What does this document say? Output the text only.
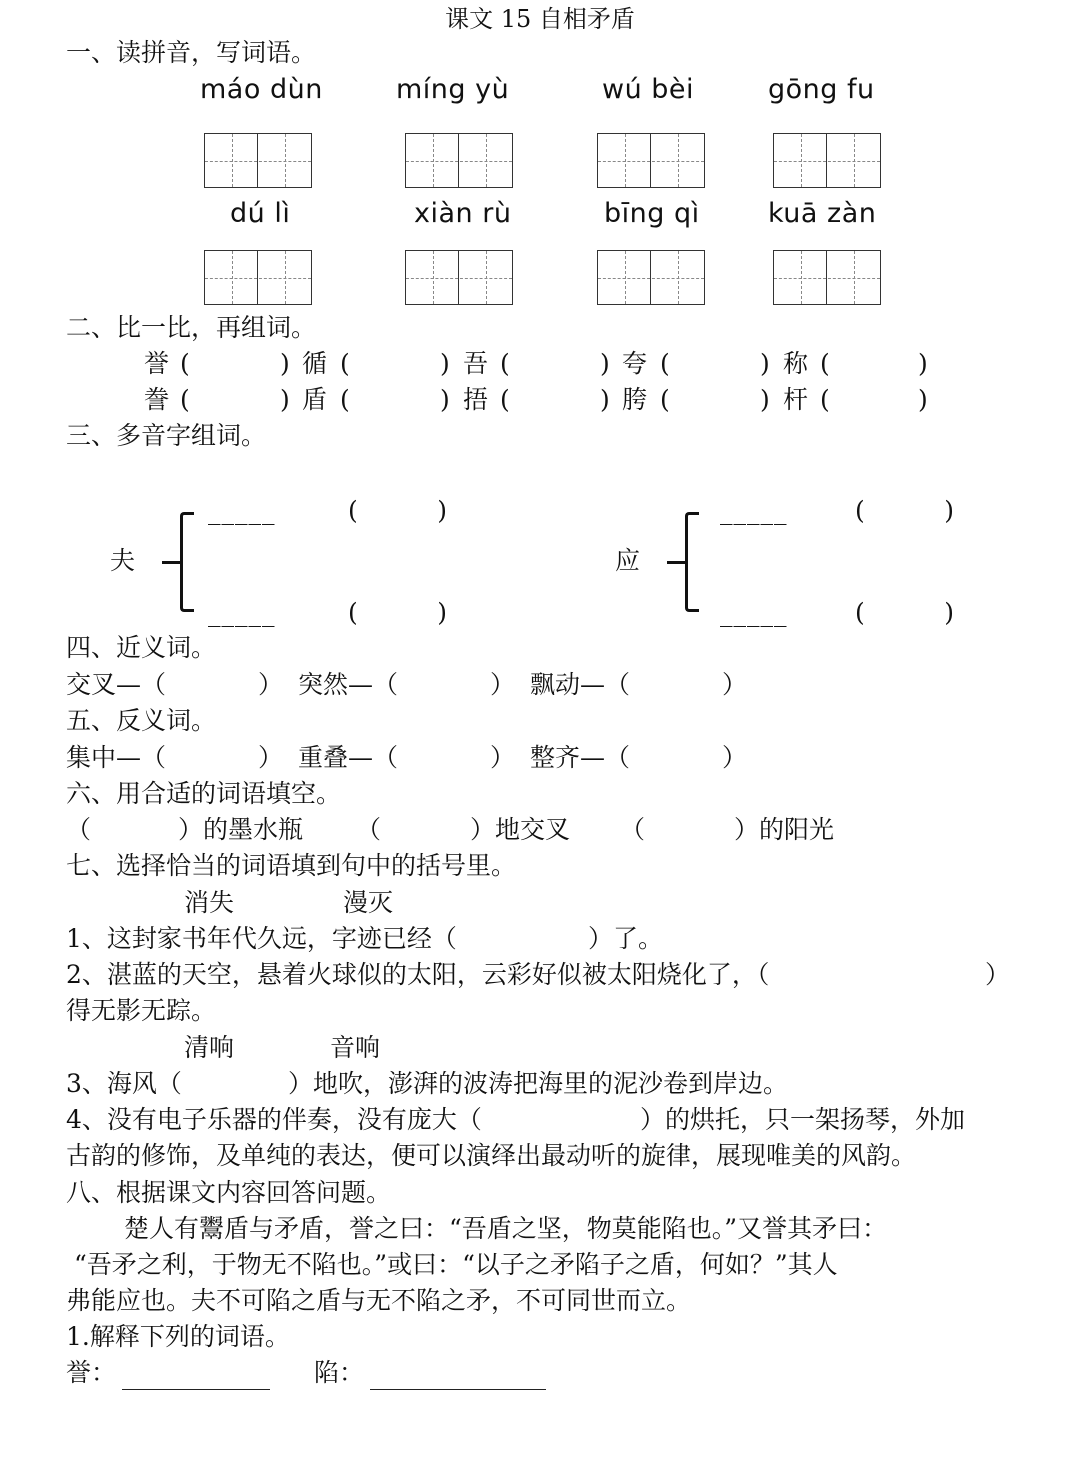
课文 15 自相矛盾
一、读拼音，写词语。
máo dùn	míng yù	wú bèi	gōng fu
dú lì	xiàn rù	bīng qì	kuā zàn
二、比一比，再组词。
誉 (	) 循 (	) 吾 (	) 夸 (	) 称 (	)
誊 (	) 盾 (	) 捂 (	) 胯 (	) 杆 (	)
三、多音字组词。
夫
_____	(          )
_____	(          )
应
_____	(          )
_____	(          )
四、近义词。
交叉—（	） 突然—（	） 飘动—（	）
五、反义词。
集中—（	） 重叠—（	） 整齐—（	）
六、用合适的词语填空。
（	）的墨水瓶 （	）地交叉 （	）的阳光
七、选择恰当的词语填到句中的括号里。
消失	漫灭
1、这封家书年代久远，字迹已经（	）了。
2、湛蓝的天空，悬着火球似的太阳，云彩好似被太阳烧化了，（	）
得无影无踪。
清响	音响
3、海风（	）地吹，澎湃的波涛把海里的泥沙卷到岸边。
4、没有电子乐器的伴奏，没有庞大（	）的烘托，只一架扬琴，外加
古韵的修饰，及单纯的表达，便可以演绎出最动听的旋律，展现唯美的风韵。
八、根据课文内容回答问题。
楚人有鬻盾与矛盾，誉之曰：“吾盾之坚，物莫能陷也。”又誉其矛曰：
“吾矛之利，于物无不陷也。”或曰：“以子之矛陷子之盾，何如？”其人
弗能应也。夫不可陷之盾与无不陷之矛，不可同世而立。
1.解释下列的词语。
誉：	陷：
